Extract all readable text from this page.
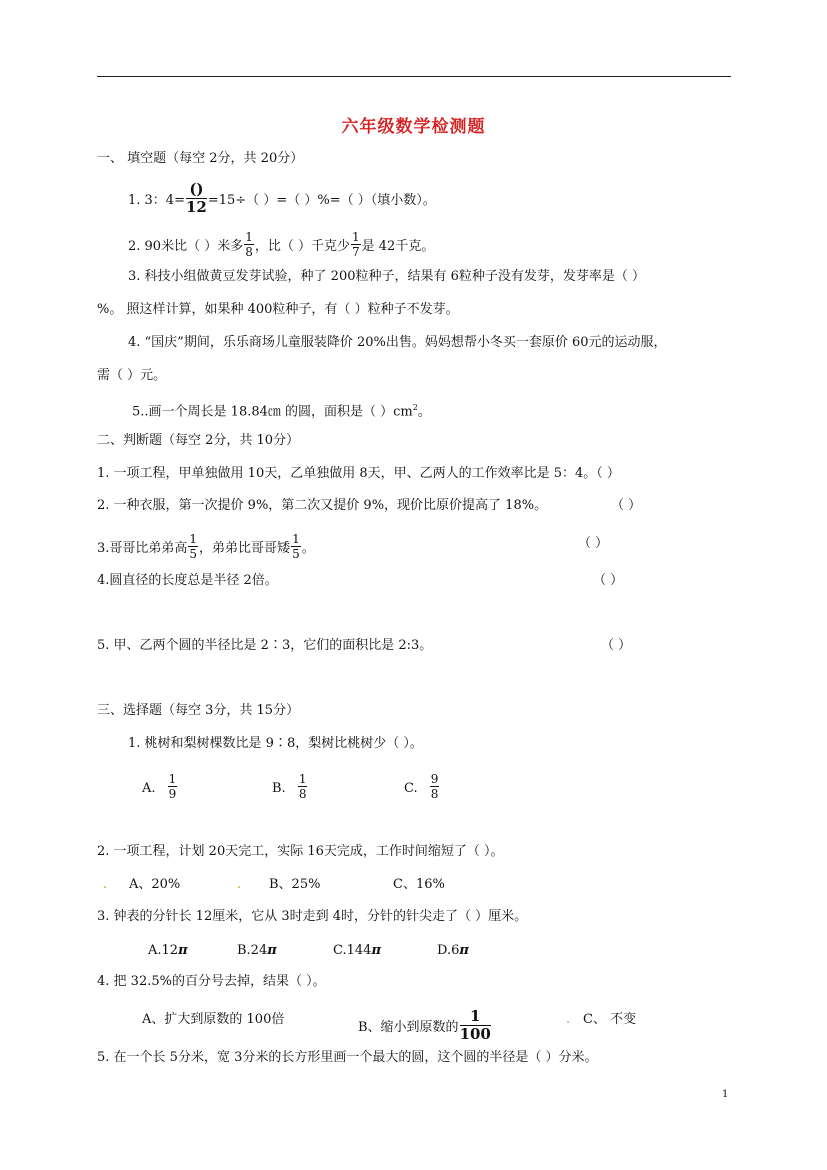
六年级数学检测题
一、 填空题（每空 2分，共 20分）
1. 3：$4= \frac{()}{12} =15\div$（ ）=（ ）%=（ ）（填小数）。
2. 90米比（ ）米多 $\frac{1}{8}$ ，比（ ）千克少 $\frac{1}{7}$ 是 42千克。
3. 科技小组做黄豆发芽试验，种了 200粒种子，结果有 6粒种子没有发芽，发芽率是（ ）
%。 照这样计算，如果种 400粒种子，有（ ）粒种子不发芽。
4. “国庆”期间，乐乐商场儿童服装降价 20%出售。妈妈想帮小冬买一套原价 60元的运动服，
需（ ）元。
5..画一个周长是 18.84㎝ 的圆，面积是（ ）$cm^2$。
二、判断题（每空 2分，共 10分）
1. 一项工程，甲单独做用 10天，乙单独做用 8天，甲、乙两人的工作效率比是 5：4。（ ）
2. 一种衣服，第一次提价 9%，第二次又提价 9%，现价比原价提高了 18%。	（ ）
3.哥哥比弟弟高 $\frac{1}{5}$ ，弟弟比哥哥矮 $\frac{1}{5}$ 。	（ ）
4.圆直径的长度总是半径 2倍。	（ ）
5. 甲、乙两个圆的半径比是 2∶3，它们的面积比是 2:3。	（ ）
三、选择题（每空 3分，共 15分）
1. 桃树和梨树棵数比是 9∶8，梨树比桃树少（ ）。
A. $\frac{1}{9}$	B. $\frac{1}{8}$	C. $\frac{9}{8}$
2. 一项工程，计划 20天完工，实际 16天完成，工作时间缩短了（ ）。
. A、20%	. B、25%	C、16%
3. 钟表的分针长 12厘米，它从 3时走到 4时，分针的针尖走了（ ）厘米。
A.12π	B.24π	C.144π	D.6π
4. 把 32.5%的百分号去掉，结果（ ）。
A、扩大到原数的 100倍
B、缩小到原数的 $\frac{1}{100}$	. C、 不变
5. 在一个长 5分米，宽 3分米的长方形里画一个最大的圆，这个圆的半径是（ ）分米。
1
